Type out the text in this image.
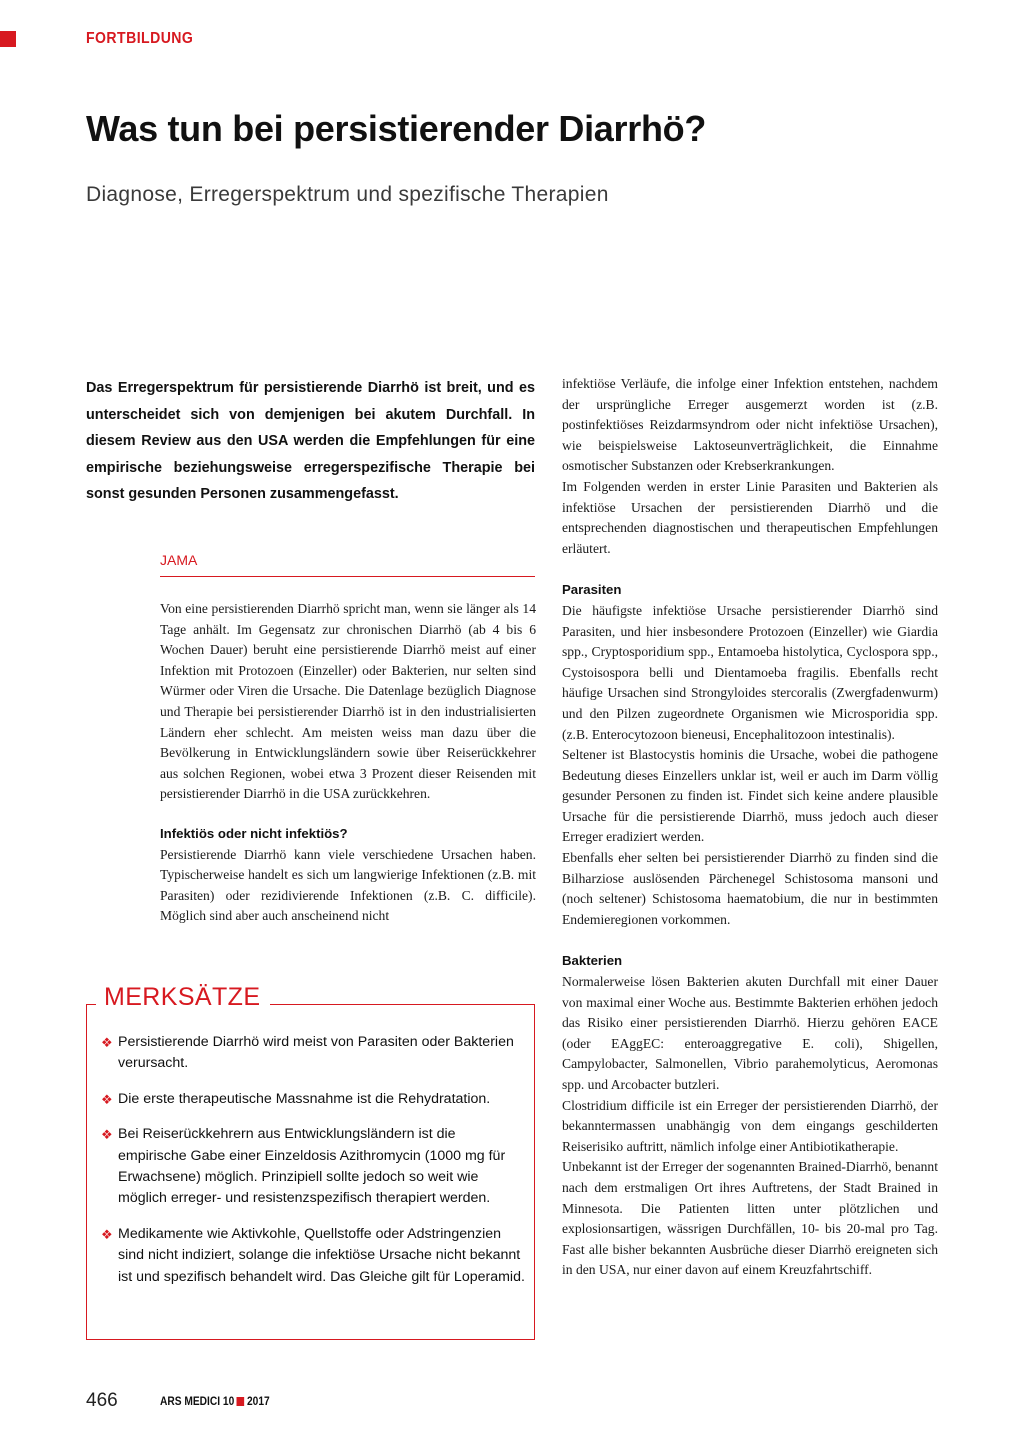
FORTBILDUNG
Was tun bei persistierender Diarrhö?
Diagnose, Erregerspektrum und spezifische Therapien

Das Erregerspektrum für persistierende Diarrhö ist breit, und es unterscheidet sich von demjenigen bei akutem Durchfall. In diesem Review aus den USA werden die Empfehlungen für eine empirische beziehungsweise erregerspezifische Therapie bei sonst gesunden Personen zusammengefasst.

JAMA

Von eine persistierenden Diarrhö spricht man, wenn sie länger als 14 Tage anhält. Im Gegensatz zur chronischen Diarrhö (ab 4 bis 6 Wochen Dauer) beruht eine persistierende Diarrhö meist auf einer Infektion mit Protozoen (Einzeller) oder Bakterien, nur selten sind Würmer oder Viren die Ursache. Die Datenlage bezüglich Diagnose und Therapie bei persistierender Diarrhö ist in den industrialisierten Ländern eher schlecht. Am meisten weiss man dazu über die Bevölkerung in Entwicklungsländern sowie über Reiserückkehrer aus solchen Regionen, wobei etwa 3 Prozent dieser Reisenden mit persistierender Diarrhö in die USA zurückkehren.

Infektiös oder nicht infektiös?

Persistierende Diarrhö kann viele verschiedene Ursachen haben. Typischerweise handelt es sich um langwierige Infektionen (z.B. mit Parasiten) oder rezidivierende Infektionen (z.B. C. difficile). Möglich sind aber auch anscheinend nicht

infektiöse Verläufe, die infolge einer Infektion entstehen, nachdem der ursprüngliche Erreger ausgemerzt worden ist (z.B. postinfektiöses Reizdarmsyndrom oder nicht infektiöse Ursachen), wie beispielsweise Laktoseunverträglichkeit, die Einnahme osmotischer Substanzen oder Krebserkrankungen.

Im Folgenden werden in erster Linie Parasiten und Bakterien als infektiöse Ursachen der persistierenden Diarrhö und die entsprechenden diagnostischen und therapeutischen Empfehlungen erläutert.

Parasiten

Die häufigste infektiöse Ursache persistierender Diarrhö sind Parasiten, und hier insbesondere Protozoen (Einzeller) wie Giardia spp., Cryptosporidium spp., Entamoeba histolytica, Cyclospora spp., Cystoisospora belli und Dientamoeba fragilis. Ebenfalls recht häufige Ursachen sind Strongyloides stercoralis (Zwergfadenwurm) und den Pilzen zugeordnete Organismen wie Microsporidia spp. (z.B. Enterocytozoon bieneusi, Encephalitozoon intestinalis).

Seltener ist Blastocystis hominis die Ursache, wobei die pathogene Bedeutung dieses Einzellers unklar ist, weil er auch im Darm völlig gesunder Personen zu finden ist. Findet sich keine andere plausible Ursache für die persistierende Diarrhö, muss jedoch auch dieser Erreger eradiziert werden.

Ebenfalls eher selten bei persistierender Diarrhö zu finden sind die Bilharziose auslösenden Pärchenegel Schistosoma mansoni und (noch seltener) Schistosoma haematobium, die nur in bestimmten Endemieregionen vorkommen.

Bakterien

Normalerweise lösen Bakterien akuten Durchfall mit einer Dauer von maximal einer Woche aus. Bestimmte Bakterien erhöhen jedoch das Risiko einer persistierenden Diarrhö. Hierzu gehören EACE (oder EAggEC: enteroaggregative E. coli), Shigellen, Campylobacter, Salmonellen, Vibrio parahemolyticus, Aeromonas spp. und Arcobacter butzleri.

Clostridium difficile ist ein Erreger der persistierenden Diarrhö, der bekanntermassen unabhängig von dem eingangs geschilderten Reiserisiko auftritt, nämlich infolge einer Antibiotikatherapie.

Unbekannt ist der Erreger der sogenannten Brained-Diarrhö, benannt nach dem erstmaligen Ort ihres Auftretens, der Stadt Brained in Minnesota. Die Patienten litten unter plötzlichen und explosionsartigen, wässrigen Durchfällen, 10- bis 20-mal pro Tag. Fast alle bisher bekannten Ausbrüche dieser Diarrhö ereigneten sich in den USA, nur einer davon auf einem Kreuzfahrtschiff.

MERKSÄTZE
❖ Persistierende Diarrhö wird meist von Parasiten oder Bakterien verursacht.
❖ Die erste therapeutische Massnahme ist die Rehydratation.
❖ Bei Reiserückkehrern aus Entwicklungsländern ist die empirische Gabe einer Einzeldosis Azithromycin (1000 mg für Erwachsene) möglich. Prinzipiell sollte jedoch so weit wie möglich erreger- und resistenzspezifisch therapiert werden.
❖ Medikamente wie Aktivkohle, Quellstoffe oder Adstringenzien sind nicht indiziert, solange die infektiöse Ursache nicht bekannt ist und spezifisch behandelt wird. Das Gleiche gilt für Loperamid.
466	ARS MEDICI 10 2017
